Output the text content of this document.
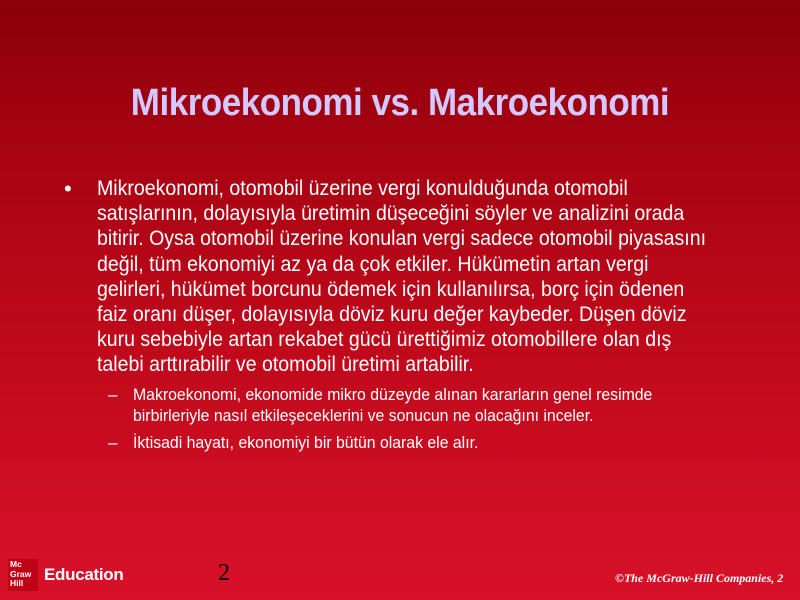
Mikroekonomi vs. Makroekonomi
•	Mikroekonomi, otomobil üzerine vergi konulduğunda otomobil satışlarının, dolayısıyla üretimin düşeceğini söyler ve analizini orada bitirir. Oysa otomobil üzerine konulan vergi sadece otomobil piyasasını değil, tüm ekonomiyi az ya da çok etkiler. Hükümetin artan vergi gelirleri, hükümet borcunu ödemek için kullanılırsa, borç için ödenen faiz oranı düşer, dolayısıyla döviz kuru değer kaybeder. Düşen döviz kuru sebebiyle artan rekabet gücü ürettiğimiz otomobillere olan dış talebi arttırabilir ve otomobil üretimi artabilir.
– Makroekonomi, ekonomide mikro düzeyde alınan kararların genel resimde birbirleriyle nasıl etkileşeceklerini ve sonucun ne olacağını inceler.
– İktisadi hayatı, ekonomiyi bir bütün olarak ele alır.
Mc
Graw
Hill	Education	2	©The McGraw-Hill Companies, 2
